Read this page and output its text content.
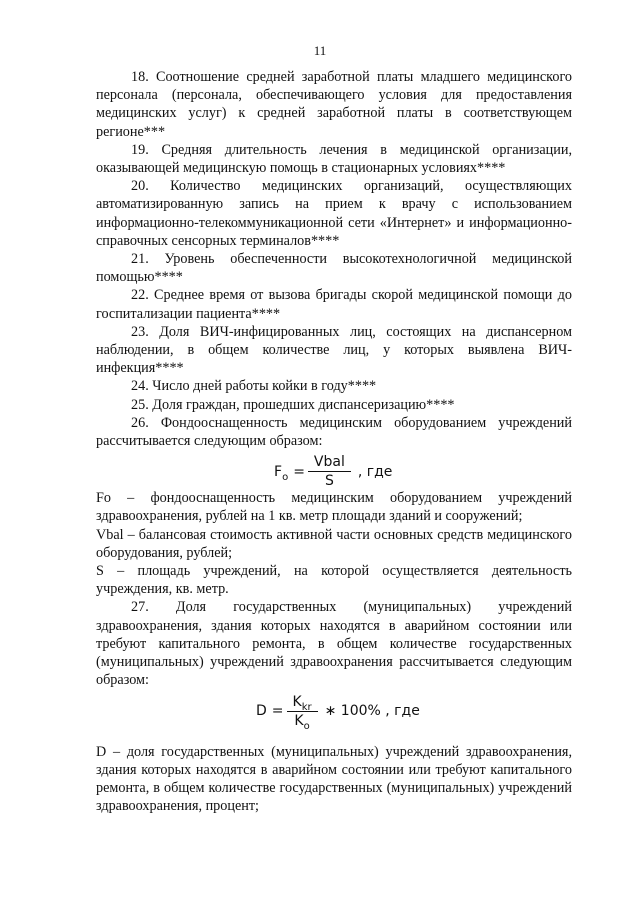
11

18. Соотношение средней заработной платы младшего медицинского персонала (персонала, обеспечивающего условия для предоставления медицинских услуг) к средней заработной платы в соответствующем регионе***

19. Средняя длительность лечения в медицинской организации, оказывающей медицинскую помощь в стационарных условиях****

20. Количество медицинских организаций, осуществляющих автоматизированную запись на прием к врачу с использованием информационно-телекоммуникационной сети «Интернет» и информационно-справочных сенсорных терминалов****

21. Уровень обеспеченности высокотехнологичной медицинской помощью****

22. Среднее время от вызова бригады скорой медицинской помощи до госпитализации пациента****

23. Доля ВИЧ-инфицированных лиц, состоящих на диспансерном наблюдении, в общем количестве лиц, у которых выявлена ВИЧ-инфекция****

24. Число дней работы койки в году****

25. Доля граждан, прошедших диспансеризацию****

26. Фондооснащенность медицинским оборудованием учреждений рассчитывается следующим образом:

$F_o = \frac{\text{Vbal}}{S}$ , где

Fо – фондооснащенность медицинским оборудованием учреждений здравоохранения, рублей на 1 кв. метр площади зданий и сооружений;

Vbal – балансовая стоимость активной части основных средств медицинского оборудования, рублей;

S – площадь учреждений, на которой осуществляется деятельность учреждения, кв. метр.

27. Доля государственных (муниципальных) учреждений здравоохранения, здания которых находятся в аварийном состоянии или требуют капитального ремонта, в общем количестве государственных (муниципальных) учреждений здравоохранения рассчитывается следующим образом:

$D = \frac{K_{kr}}{K_o}$ ∗ 100% , где

D – доля государственных (муниципальных) учреждений здравоохранения, здания которых находятся в аварийном состоянии или требуют капитального ремонта, в общем количестве государственных (муниципальных) учреждений здравоохранения, процент;
